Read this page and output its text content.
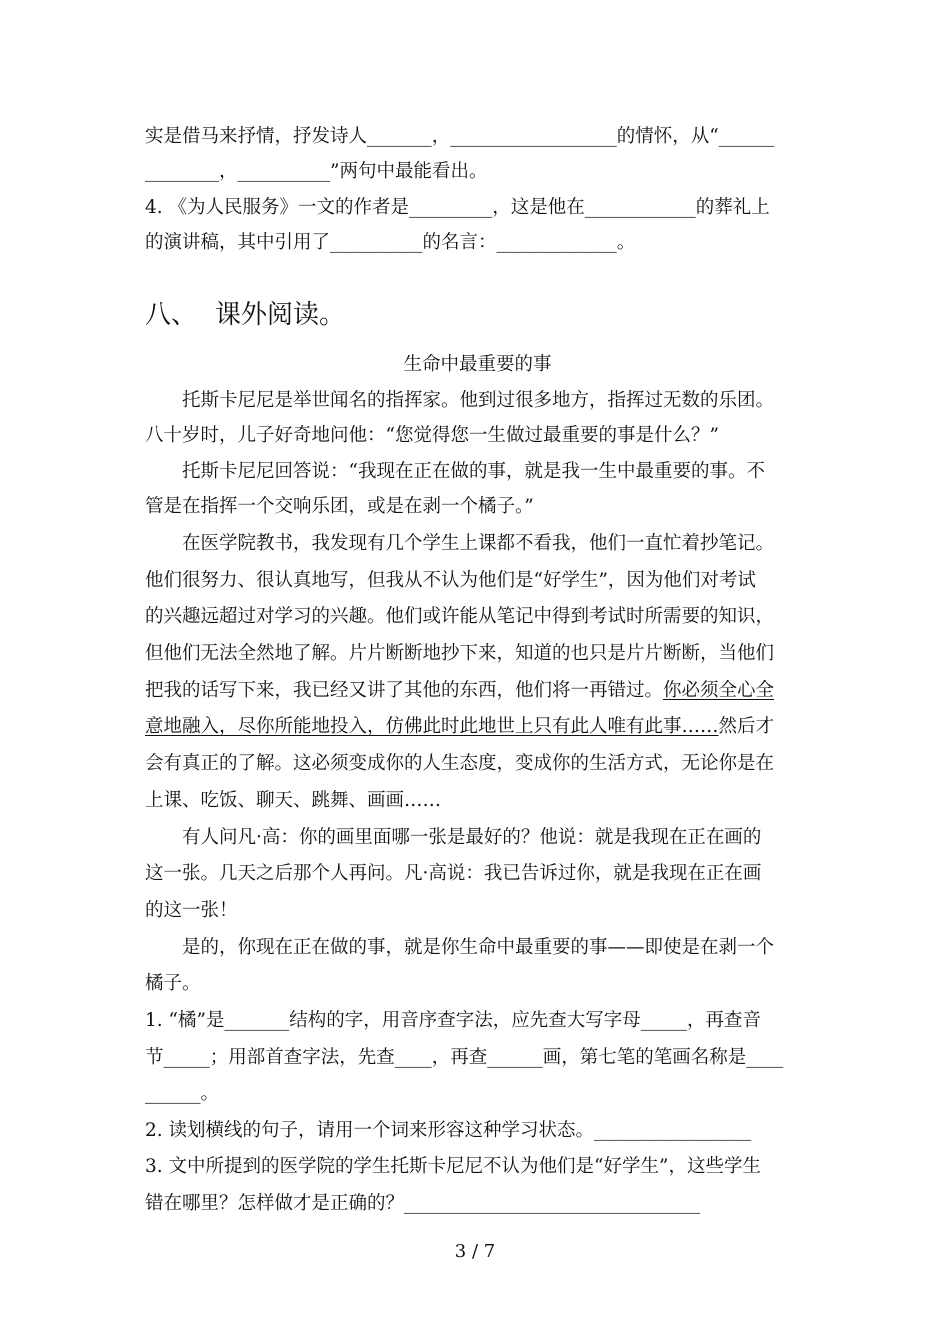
实是借马来抒情，抒发诗人_______，__________________的情怀，从“______
________，__________”两句中最能看出。
4. 《为人民服务》一文的作者是_________，这是他在____________的葬礼上
的演讲稿，其中引用了__________的名言：_____________。
八、 课外阅读。
生命中最重要的事
托斯卡尼尼是举世闻名的指挥家。他到过很多地方，指挥过无数的乐团。
八十岁时，儿子好奇地问他：“您觉得您一生做过最重要的事是什么？”
托斯卡尼尼回答说：“我现在正在做的事，就是我一生中最重要的事。不
管是在指挥一个交响乐团，或是在剥一个橘子。”
在医学院教书，我发现有几个学生上课都不看我，他们一直忙着抄笔记。
他们很努力、很认真地写，但我从不认为他们是“好学生”，因为他们对考试
的兴趣远超过对学习的兴趣。他们或许能从笔记中得到考试时所需要的知识，
但他们无法全然地了解。片片断断地抄下来，知道的也只是片片断断，当他们
把我的话写下来，我已经又讲了其他的东西，他们将一再错过。你必须全心全
意地融入，尽你所能地投入，仿佛此时此地世上只有此人唯有此事……然后才
会有真正的了解。这必须变成你的人生态度，变成你的生活方式，无论你是在
上课、吃饭、聊天、跳舞、画画……
有人问凡·高：你的画里面哪一张是最好的？他说：就是我现在正在画的
这一张。几天之后那个人再问。凡·高说：我已告诉过你，就是我现在正在画
的这一张！
是的，你现在正在做的事，就是你生命中最重要的事——即使是在剥一个
橘子。
1. “橘”是_______结构的字，用音序查字法，应先查大写字母_____，再查音
节_____；用部首查字法，先查____，再查______画，第七笔的笔画名称是____
______。
2. 读划横线的句子，请用一个词来形容这种学习状态。_________________
3. 文中所提到的医学院的学生托斯卡尼尼不认为他们是“好学生”，这些学生
错在哪里？怎样做才是正确的？________________________________
3 / 7
